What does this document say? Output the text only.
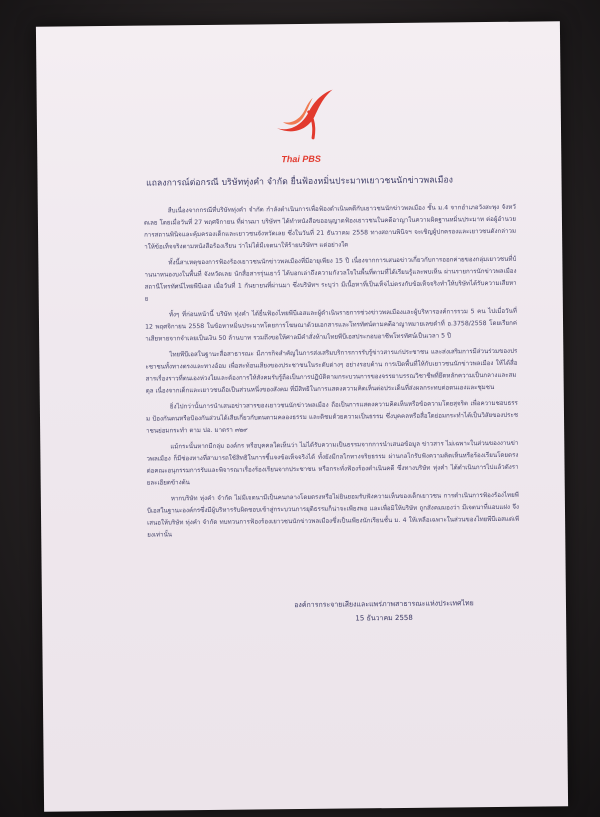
Thai PBS
แถลงการณ์ต่อกรณี บริษัททุ่งคำ จำกัด ยื่นฟ้องหมิ่นประมาทเยาวชนนักข่าวพลเมือง

สืบเนื่องจากกรณีที่บริษัททุ่งคำ จำกัด กำลังดำเนินการเพื่อฟ้องดำเนินคดีกับเยาวชนนักข่าวพลเมือง ชั้น ม.4 จากอำเภอวังสะพุง จังหวัดเลย โดยเมื่อวันที่ 27 พฤศจิกายน ที่ผ่านมา บริษัทฯ ได้ทำหนังสือขออนุญาตฟ้องเยาวชนในคดีอาญาในความผิดฐานหมิ่นประมาท ต่อผู้อำนวยการสถานพินิจและคุ้มครองเด็กและเยาวชนจังหวัดเลย ซึ่งในวันที่ 21 ธันวาคม 2558 ทางสถานพินิจฯ จะเชิญผู้ปกครองและเยาวชนดังกล่าวมาให้ข้อเท็จจริงตามหนังสือร้องเรียน ว่าไม่ได้มีเจตนาให้ร้ายบริษัทฯ แต่อย่างใด

ทั้งนี้สาเหตุของการฟ้องร้องเยาวชนนักข่าวพลเมืองที่มีอายุเพียง 15 ปี เนื่องจากการเสนอข่าวเกี่ยวกับการออกค่ายของกลุ่มเยาวชนที่บ้านนาหนองบงในพื้นที่ จังหวัดเลย นักสื่อสารรุ่นเยาว์ ได้บอกเล่าถึงความกังวลใจในพื้นที่ตามที่ได้เรียนรู้และพบเห็น ผ่านรายการนักข่าวพลเมือง สถานีโทรทัศน์ไทยพีบีเอส เมื่อวันที่ 1 กันยายนที่ผ่านมา ซึ่งบริษัทฯ ระบุว่า มีเนื้อหาที่เป็นเท็จไม่ตรงกับข้อเท็จจริงทำให้บริษัทได้รับความเสียหาย

ทั้งๆ ที่ก่อนหน้านี้ บริษัท ทุ่งคำ ได้ยื่นฟ้องไทยพีบีเอสและผู้ดำเนินรายการช่วงข่าวพลเมืองและผู้บริหารองค์การรวม 5 คน ไปเมื่อวันที่ 12 พฤศจิกายน 2558 ในข้อหาหมิ่นประมาทโดยการโฆษณาด้วยเอกสารและโทรทัศน์ตามคดีอาญาหมายเลขดำที่ อ.3758/2558 โดยเรียกค่าเสียหายจากจำเลยเป็นเงิน 50 ล้านบาท รวมถึงขอให้ศาลมีคำสั่งห้ามไทยพีบีเอสประกอบอาชีพโทรทัศน์เป็นเวลา 5 ปี

ไทยพีบีเอสในฐานะสื่อสาธารณะ มีภารกิจสำคัญในการส่งเสริมบริการการรับรู้ข่าวสารแก่ประชาชน และส่งเสริมการมีส่วนร่วมของประชาชนทั้งทางตรงและทางอ้อม เพื่อสะท้อนเสียงของประชาชนในระดับต่างๆ อย่างรอบด้าน การเปิดพื้นที่ให้กับเยาวชนนักข่าวพลเมือง ให้ได้สื่อสารเรื่องราวที่ตนเองห่วงใยและต้องการให้สังคมรับรู้ถือเป็นการปฏิบัติตามกระบวนการของจรรยาบรรณวิชาชีพที่ยึดหลักความเป็นกลางและสมดุล เนื่องจากเด็กและเยาวชนถือเป็นส่วนหนึ่งของสังคม ที่มีสิทธิในการแสดงความคิดเห็นต่อประเด็นที่ส่งผลกระทบต่อตนเองและชุมชน

ยิ่งไปกว่านั้นการนำเสนอข่าวสารของเยาวชนนักข่าวพลเมือง ถือเป็นการแสดงความคิดเห็นหรือข้อความโดยสุจริต เพื่อความชอบธรรม ป้องกันตนหรือป้องกันส่วนได้เสียเกี่ยวกับตนตามคลองธรรม และติชมด้วยความเป็นธรรม ซึ่งบุคคลหรือสื่อใดย่อมกระทำได้เป็นวิสัยของประชาชนย่อมกระทำ ตาม ปอ. มาตรา ๓๒๙

แม้กระนั้นหากมีกลุ่ม องค์กร หรือบุคคลใดเห็นว่า ไม่ได้รับความเป็นธรรมจากการนำเสนอข้อมูล ข่าวสาร ไม่เฉพาะในส่วนของงานข่าวพลเมือง ก็มีช่องทางที่สามารถใช้สิทธิในการชี้แจงข้อเท็จจริงได้ ทั้งยังมีกลไกทางจริยธรรม ผ่านกลไกรับฟังความคิดเห็นหรือร้องเรียนโดยตรงต่อคณะอนุกรรมการรับและพิจารณาเรื่องร้องเรียนจากประชาชน หรือกระทั่งฟ้องร้องดำเนินคดี ซึ่งทางบริษัท ทุ่งคำ ได้ดำเนินการไปแล้วดังรายละเอียดข้างต้น

หากบริษัท ทุ่งคำ จำกัด ไม่มีเจตนามีเป็นคนกลางโดยตรงหรือไม่ยินยอมรับฟังความเห็นของเด็กเยาวชน การดำเนินการฟ้องร้องไทยพีบีเอสในฐานะองค์กรซึ่งมีผู้บริหารรับผิดชอบเข้าสู่กระบวนการยุติธรรมก็น่าจะเพียงพอ และเพื่อมิให้บริษัท ถูกสังคมมองว่า มีเจตนาที่แอบแฝง จึงเสนอให้บริษัท ทุ่งคำ จำกัด ทบทวนการฟ้องร้องเยาวชนนักข่าวพลเมืองซึ่งเป็นเพียงนักเรียนชั้น ม. 4 ให้เหลือเฉพาะในส่วนของไทยพีบีเอสแต่เพียงเท่านั้น

องค์การกระจายเสียงและแพร่ภาพสาธารณะแห่งประเทศไทย
15 ธันวาคม 2558
